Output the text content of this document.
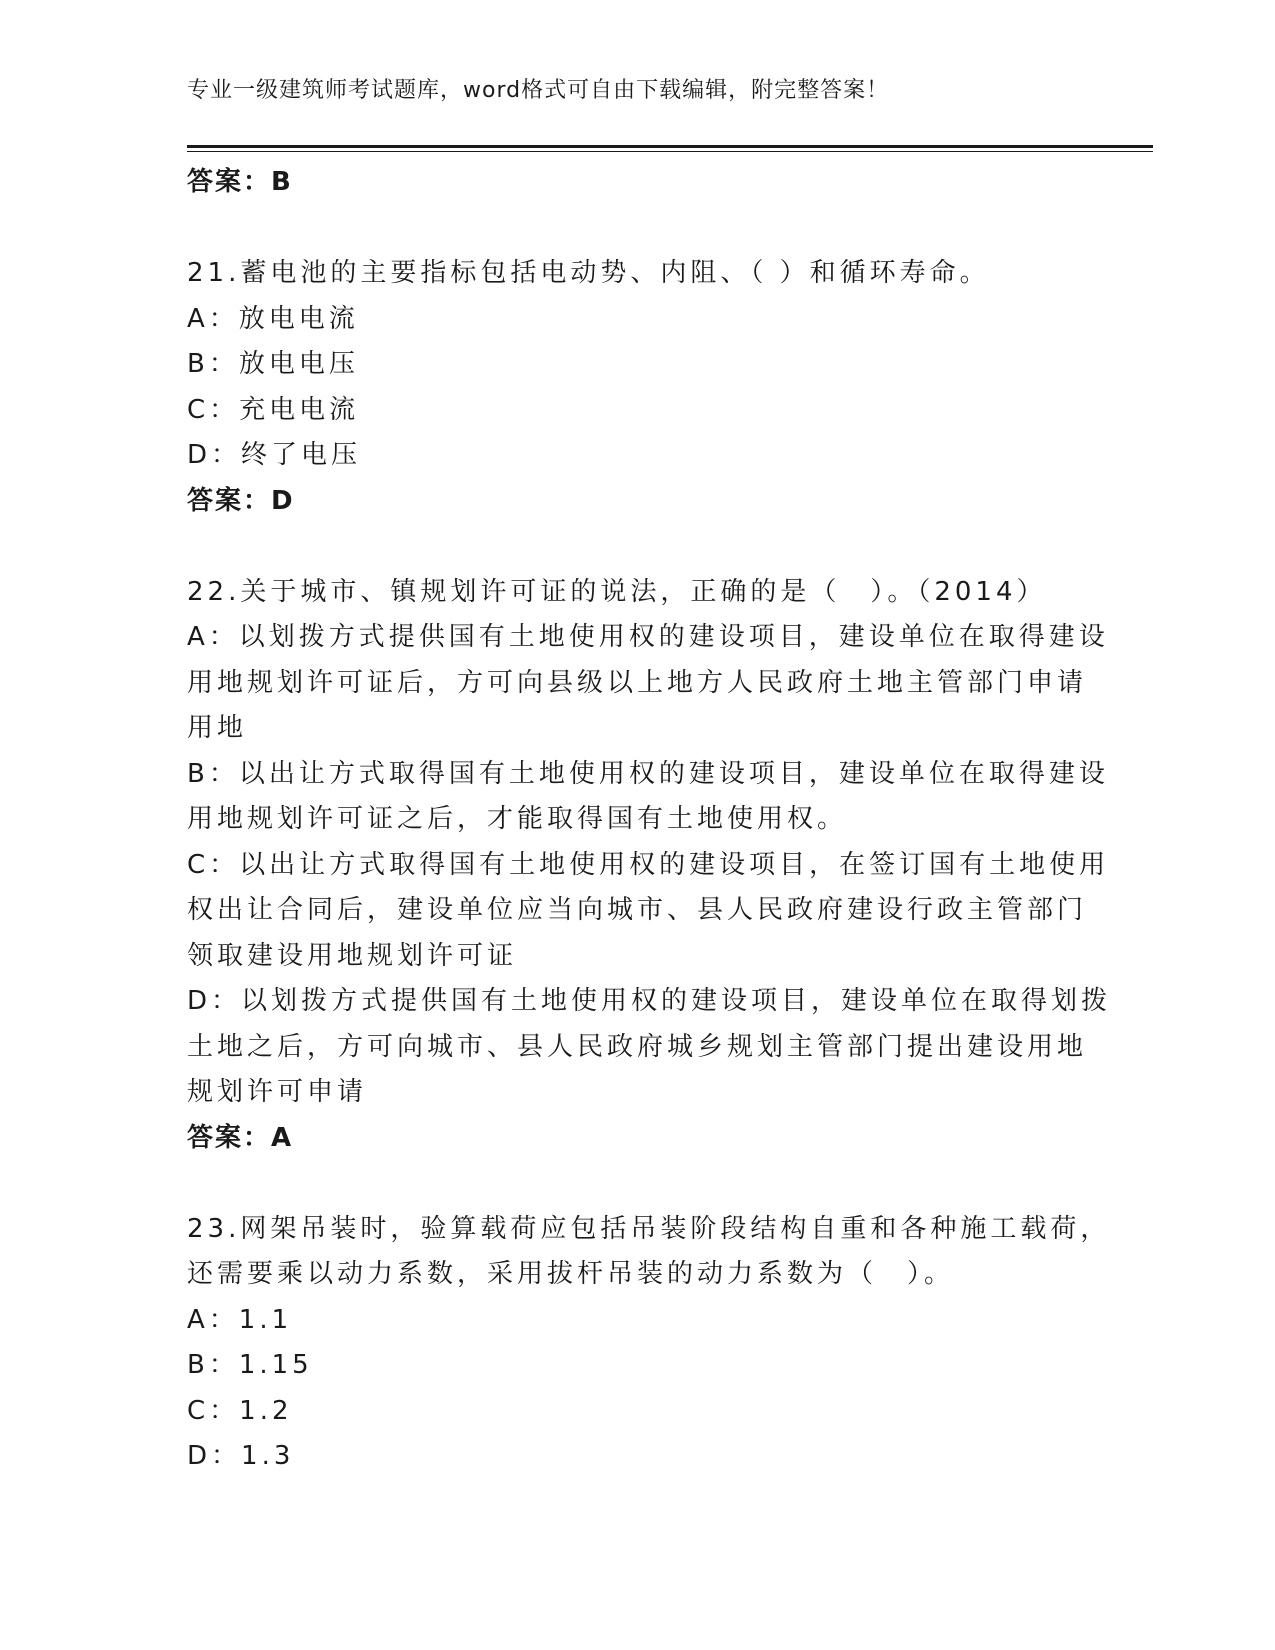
专业一级建筑师考试题库，word格式可自由下载编辑，附完整答案！
答案：B
21.蓄电池的主要指标包括电动势、内阻、（ ）和循环寿命。
A：放电电流
B：放电电压
C：充电电流
D：终了电压
答案：D
22.关于城市、镇规划许可证的说法，正确的是（　）。（2014）
A：以划拨方式提供国有土地使用权的建设项目，建设单位在取得建设
用地规划许可证后，方可向县级以上地方人民政府土地主管部门申请
用地
B：以出让方式取得国有土地使用权的建设项目，建设单位在取得建设
用地规划许可证之后，才能取得国有土地使用权。
C：以出让方式取得国有土地使用权的建设项目，在签订国有土地使用
权出让合同后，建设单位应当向城市、县人民政府建设行政主管部门
领取建设用地规划许可证
D：以划拨方式提供国有土地使用权的建设项目，建设单位在取得划拨
土地之后，方可向城市、县人民政府城乡规划主管部门提出建设用地
规划许可申请
答案：A
23.网架吊装时，验算载荷应包括吊装阶段结构自重和各种施工载荷，
还需要乘以动力系数，采用拔杆吊装的动力系数为（　）。
A：1.1
B：1.15
C：1.2
D：1.3
